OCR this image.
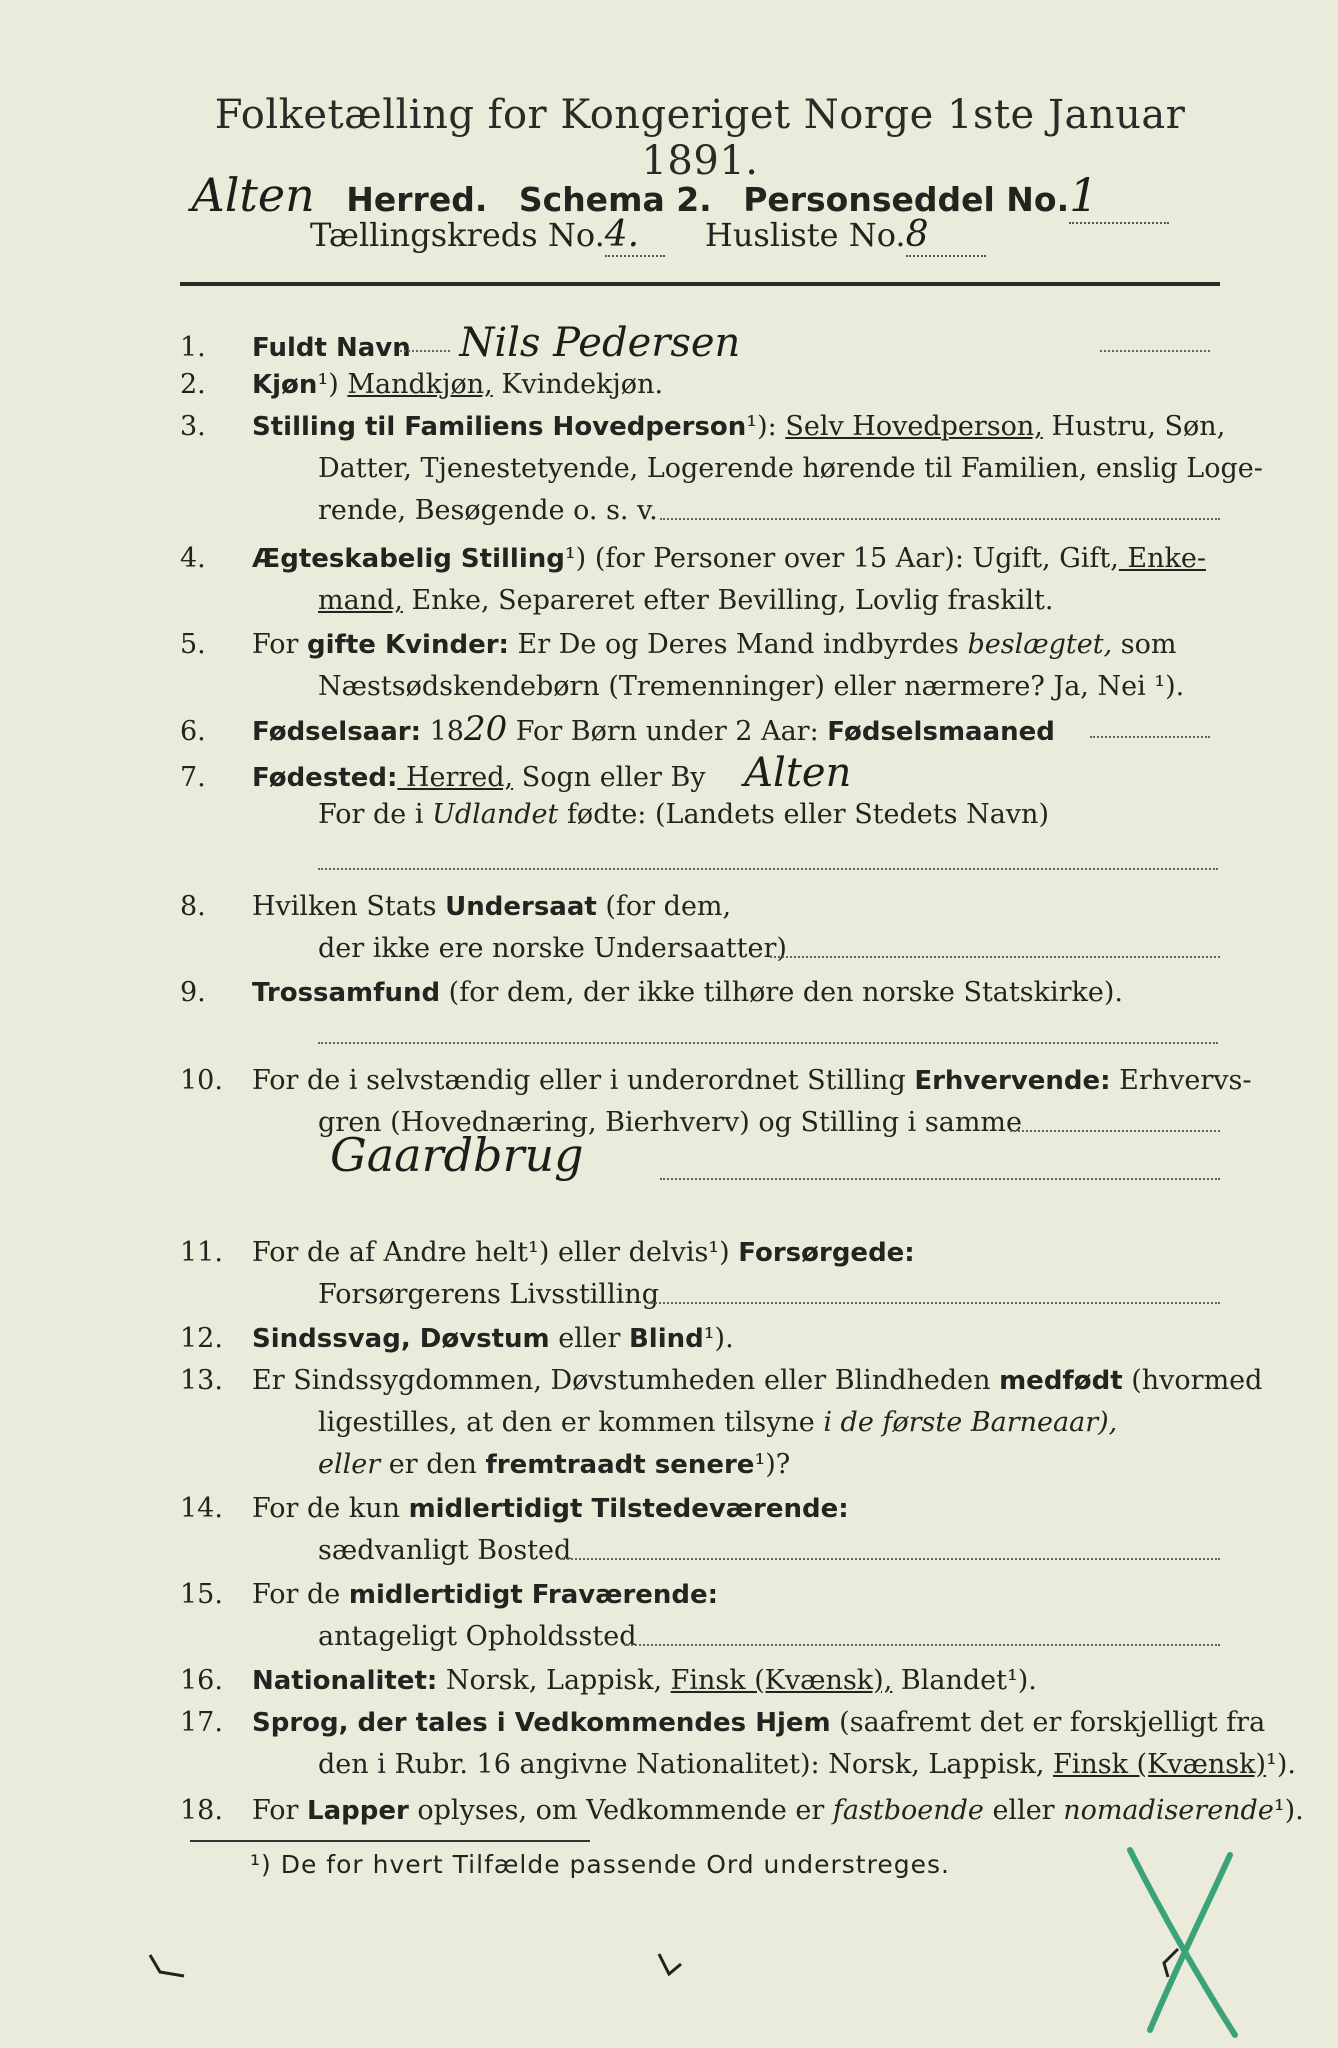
Folketælling for Kongeriget Norge 1ste Januar 1891.
Alten Herred. Schema 2. Personseddel No.1
Tællingskreds No.4. Husliste No.8
1. Fuldt Navn Nils Pedersen
2. Kjøn¹) Mandkjøn, Kvindekjøn.
3. Stilling til Familiens Hovedperson¹): Selv Hovedperson, Hustru, Søn,
Datter, Tjenestetyende, Logerende hørende til Familien, enslig Loge-
rende, Besøgende o. s. v.
4. Ægteskabelig Stilling¹) (for Personer over 15 Aar): Ugift, Gift, Enke-
mand, Enke, Separeret efter Bevilling, Lovlig fraskilt.
5. For gifte Kvinder: Er De og Deres Mand indbyrdes beslægtet, som
Næstsødskendebørn (Tremenninger) eller nærmere? Ja, Nei ¹).
6. Fødselsaar: 1820 For Børn under 2 Aar: Fødselsmaaned
7. Fødested: Herred, Sogn eller By Alten
For de i Udlandet fødte: (Landets eller Stedets Navn)
8. Hvilken Stats Undersaat (for dem,
der ikke ere norske Undersaatter)
9. Trossamfund (for dem, der ikke tilhøre den norske Statskirke).
10. For de i selvstændig eller i underordnet Stilling Erhvervende: Erhvervs-
gren (Hovednæring, Bierhverv) og Stilling i samme
Gaardbrug
11. For de af Andre helt¹) eller delvis¹) Forsørgede:
Forsørgerens Livsstilling
12. Sindssvag, Døvstum eller Blind¹).
13. Er Sindssygdommen, Døvstumheden eller Blindheden medfødt (hvormed
ligestilles, at den er kommen tilsyne i de første Barneaar),
eller er den fremtraadt senere¹)?
14. For de kun midlertidigt Tilstedeværende:
sædvanligt Bosted
15. For de midlertidigt Fraværende:
antageligt Opholdssted
16. Nationalitet: Norsk, Lappisk, Finsk (Kvænsk), Blandet¹).
17. Sprog, der tales i Vedkommendes Hjem (saafremt det er forskjelligt fra
den i Rubr. 16 angivne Nationalitet): Norsk, Lappisk, Finsk (Kvænsk)¹).
18. For Lapper oplyses, om Vedkommende er fastboende eller nomadiserende¹).
¹) De for hvert Tilfælde passende Ord understreges.
